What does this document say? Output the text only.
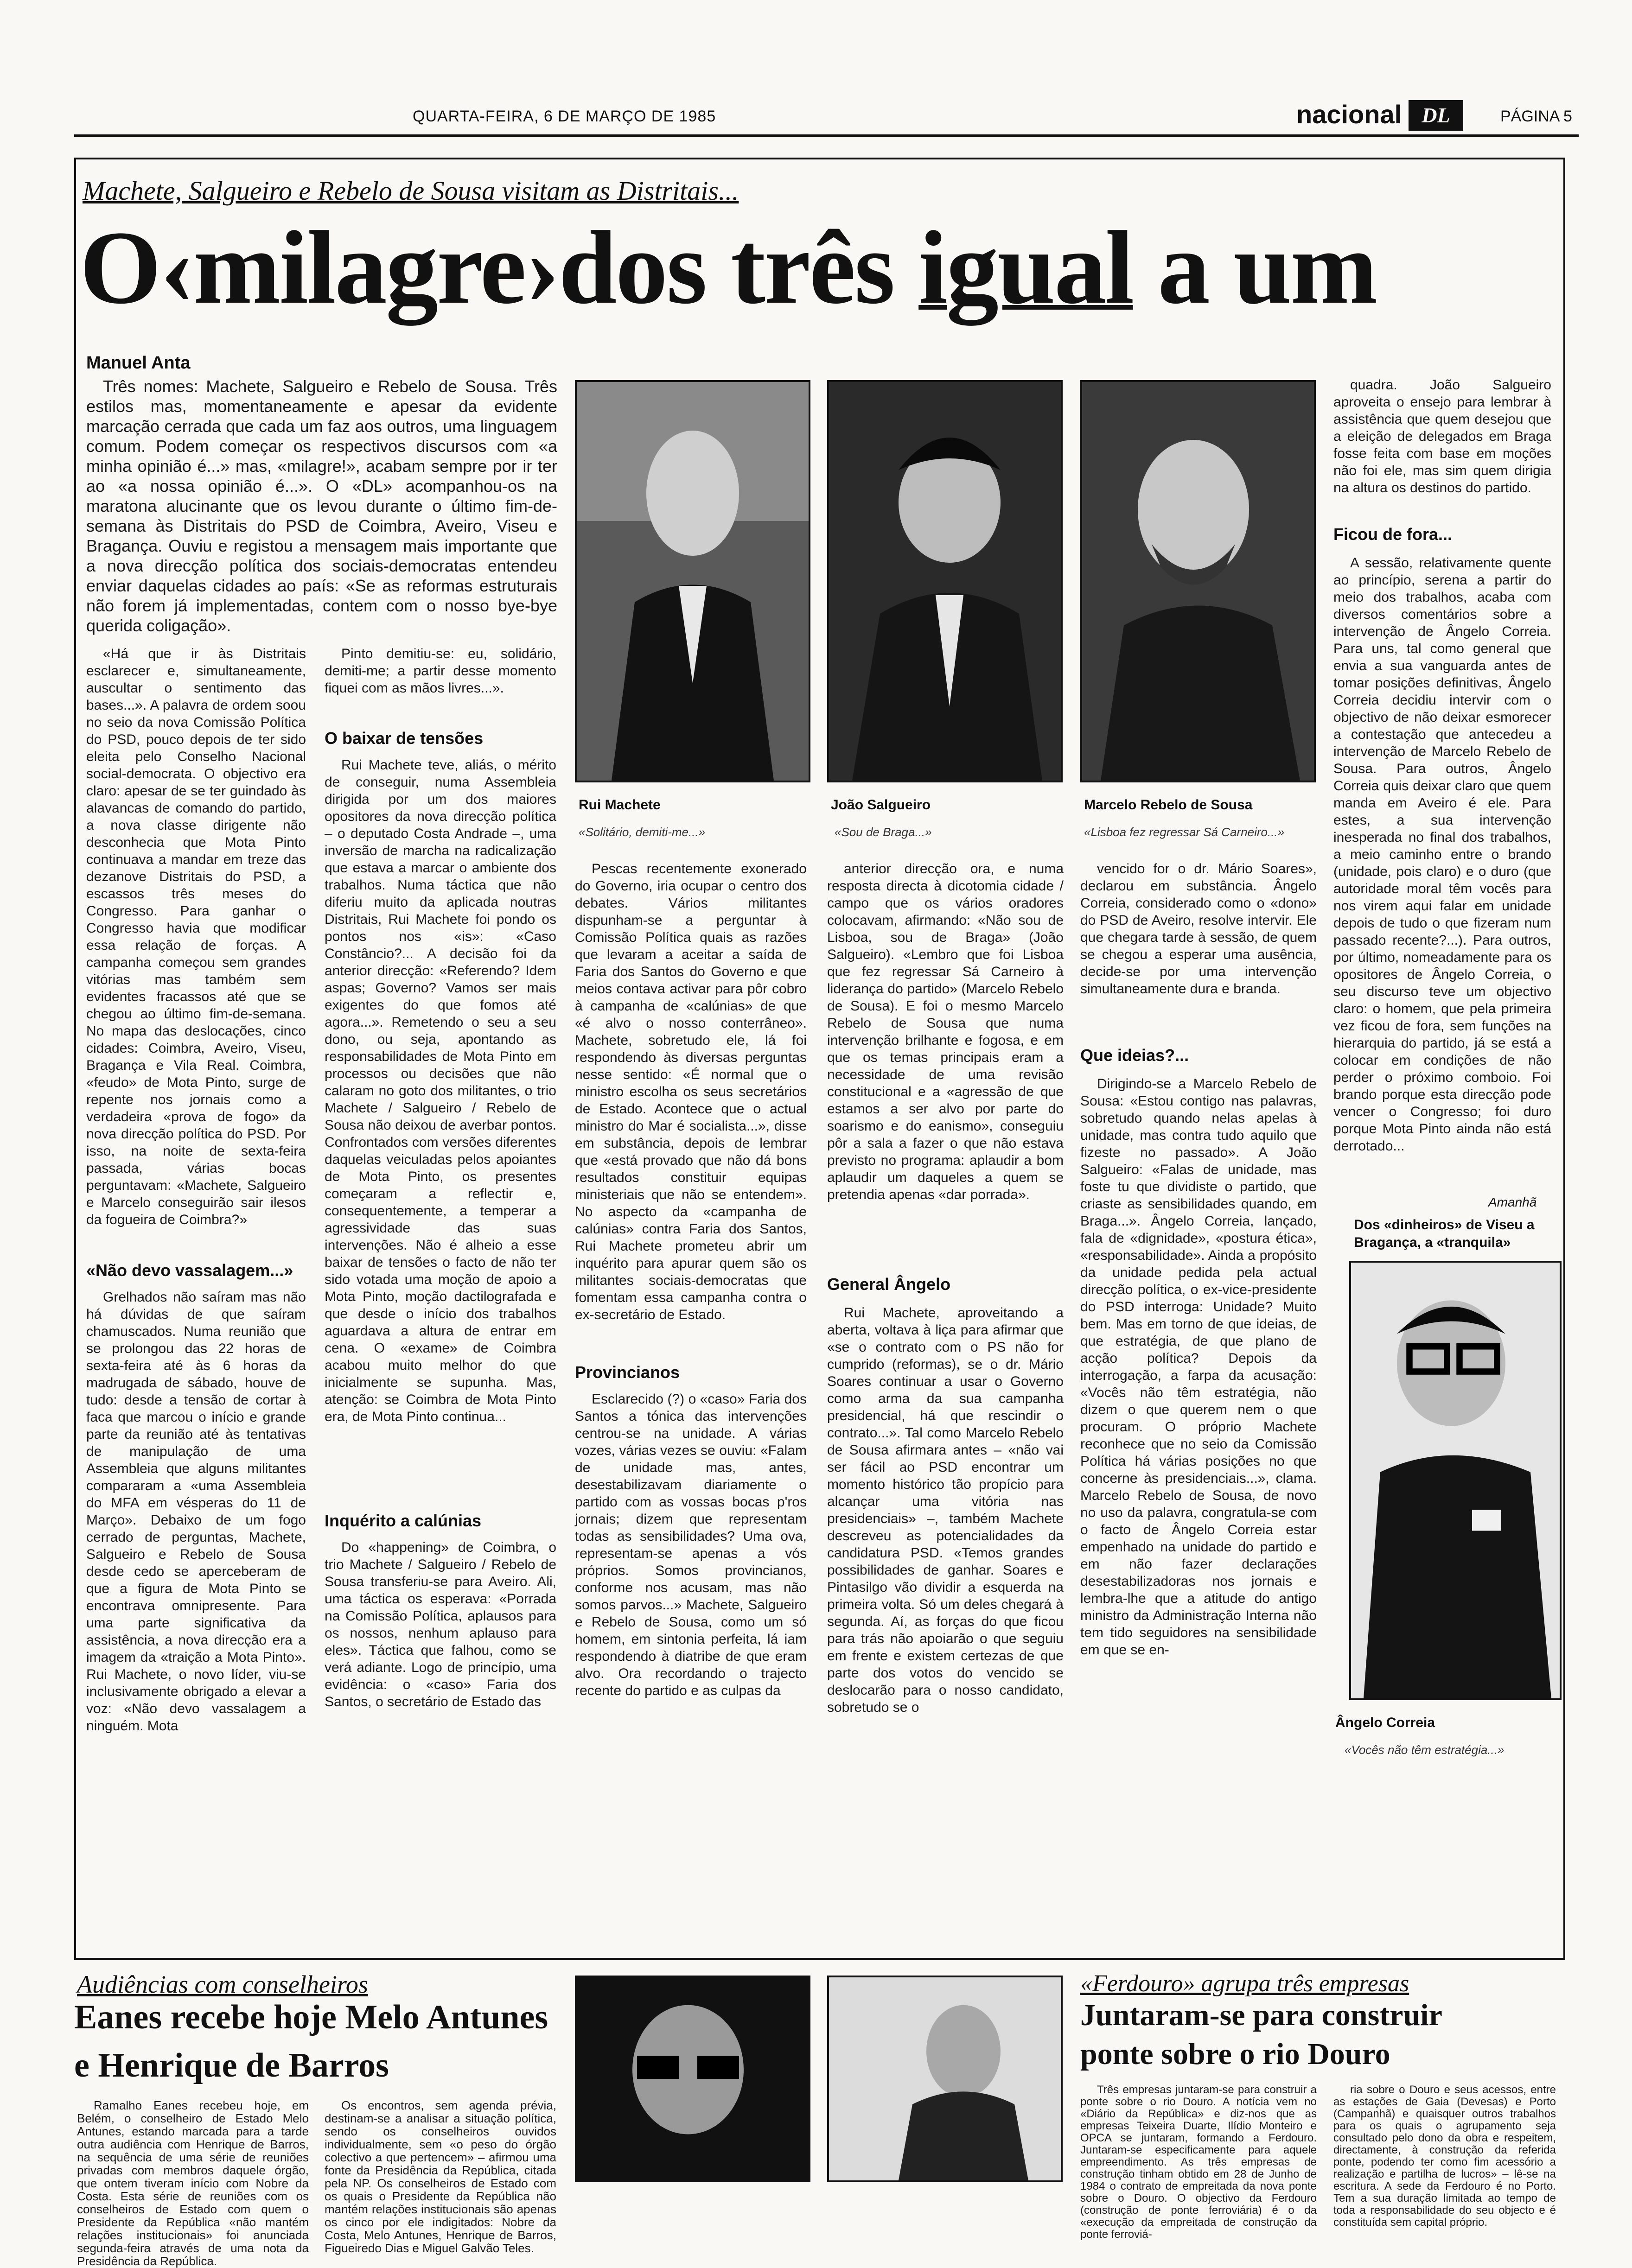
QUARTA-FEIRA, 6 DE MARÇO DE 1985	nacional DL	PÁGINA 5
Machete, Salgueiro e Rebelo de Sousa visitam as Distritais...
O‹milagre›dos três igual a um
Manuel Anta

Três nomes: Machete, Salgueiro e Rebelo de Sousa. Três estilos mas, momentaneamente e apesar da evidente marcação cerrada que cada um faz aos outros, uma linguagem comum. Podem começar os respectivos discursos com «a minha opinião é...» mas, «milagre!», acabam sempre por ir ter ao «a nossa opinião é...». O «DL» acompanhou-os na maratona alucinante que os levou durante o último fim-de-semana às Distritais do PSD de Coimbra, Aveiro, Viseu e Bragança. Ouviu e registou a mensagem mais importante que a nova direcção política dos sociais-democratas entendeu enviar daquelas cidades ao país: «Se as reformas estruturais não forem já implementadas, contem com o nosso bye-bye querida coligação».

«Há que ir às Distritais esclarecer e, simultaneamente, auscultar o sentimento das bases...». A palavra de ordem soou no seio da nova Comissão Política do PSD, pouco depois de ter sido eleita pelo Conselho Nacional social-democrata. O objectivo era claro: apesar de se ter guindado às alavancas de comando do partido, a nova classe dirigente não desconhecia que Mota Pinto continuava a mandar em treze das dezanove Distritais do PSD, a escassos três meses do Congresso. Para ganhar o Congresso havia que modificar essa relação de forças. A campanha começou sem grandes vitórias mas também sem evidentes fracassos até que se chegou ao último fim-de-semana. No mapa das deslocações, cinco cidades: Coimbra, Aveiro, Viseu, Bragança e Vila Real. Coimbra, «feudo» de Mota Pinto, surge de repente nos jornais como a verdadeira «prova de fogo» da nova direcção política do PSD. Por isso, na noite de sexta-feira passada, várias bocas perguntavam: «Machete, Salgueiro e Marcelo conseguirão sair ilesos da fogueira de Coimbra?»

«Não devo vassalagem...»

Grelhados não saíram mas não há dúvidas de que saíram chamuscados. Numa reunião que se prolongou das 22 horas de sexta-feira até às 6 horas da madrugada de sábado, houve de tudo: desde a tensão de cortar à faca que marcou o início e grande parte da reunião até às tentativas de manipulação de uma Assembleia que alguns militantes compararam a «uma Assembleia do MFA em vésperas do 11 de Março». Debaixo de um fogo cerrado de perguntas, Machete, Salgueiro e Rebelo de Sousa desde cedo se aperceberam de que a figura de Mota Pinto se encontrava omnipresente. Para uma parte significativa da assistência, a nova direcção era a imagem da «traição a Mota Pinto». Rui Machete, o novo líder, viu-se inclusivamente obrigado a elevar a voz: «Não devo vassalagem a ninguém. Mota

Pinto demitiu-se: eu, solidário, demiti-me; a partir desse momento fiquei com as mãos livres...».

O baixar de tensões

Rui Machete teve, aliás, o mérito de conseguir, numa Assembleia dirigida por um dos maiores opositores da nova direcção política – o deputado Costa Andrade –, uma inversão de marcha na radicalização que estava a marcar o ambiente dos trabalhos. Numa táctica que não diferiu muito da aplicada noutras Distritais, Rui Machete foi pondo os pontos nos «is»: «Caso Constâncio?... A decisão foi da anterior direcção: «Referendo? Idem aspas; Governo? Vamos ser mais exigentes do que fomos até agora...». Remetendo o seu a seu dono, ou seja, apontando as responsabilidades de Mota Pinto em processos ou decisões que não calaram no goto dos militantes, o trio Machete / Salgueiro / Rebelo de Sousa não deixou de averbar pontos. Confrontados com versões diferentes daquelas veiculadas pelos apoiantes de Mota Pinto, os presentes começaram a reflectir e, consequentemente, a temperar a agressividade das suas intervenções. Não é alheio a esse baixar de tensões o facto de não ter sido votada uma moção de apoio a Mota Pinto, moção dactilografada e que desde o início dos trabalhos aguardava a altura de entrar em cena. O «exame» de Coimbra acabou muito melhor do que inicialmente se supunha. Mas, atenção: se Coimbra de Mota Pinto era, de Mota Pinto continua...

Inquérito a calúnias

Do «happening» de Coimbra, o trio Machete / Salgueiro / Rebelo de Sousa transferiu-se para Aveiro. Ali, uma táctica os esperava: «Porrada na Comissão Política, aplausos para os nossos, nenhum aplauso para eles». Táctica que falhou, como se verá adiante. Logo de princípio, uma evidência: o «caso» Faria dos Santos, o secretário de Estado das

Rui Machete
«Solitário, demiti-me...»
João Salgueiro
«Sou de Braga...»
Marcelo Rebelo de Sousa
«Lisboa fez regressar Sá Carneiro...»

Pescas recentemente exonerado do Governo, iria ocupar o centro dos debates. Vários militantes dispunham-se a perguntar à Comissão Política quais as razões que levaram a aceitar a saída de Faria dos Santos do Governo e que meios contava activar para pôr cobro à campanha de «calúnias» de que «é alvo o nosso conterrâneo». Machete, sobretudo ele, lá foi respondendo às diversas perguntas nesse sentido: «É normal que o ministro escolha os seus secretários de Estado. Acontece que o actual ministro do Mar é socialista...», disse em substância, depois de lembrar que «está provado que não dá bons resultados constituir equipas ministeriais que não se entendem». No aspecto da «campanha de calúnias» contra Faria dos Santos, Rui Machete prometeu abrir um inquérito para apurar quem são os militantes sociais-democratas que fomentam essa campanha contra o ex-secretário de Estado.

Provincianos

Esclarecido (?) o «caso» Faria dos Santos a tónica das intervenções centrou-se na unidade. A várias vozes, várias vezes se ouviu: «Falam de unidade mas, antes, desestabilizavam diariamente o partido com as vossas bocas p'ros jornais; dizem que representam todas as sensibilidades? Uma ova, representam-se apenas a vós próprios. Somos provincianos, conforme nos acusam, mas não somos parvos...» Machete, Salgueiro e Rebelo de Sousa, como um só homem, em sintonia perfeita, lá iam respondendo à diatribe de que eram alvo. Ora recordando o trajecto recente do partido e as culpas da

anterior direcção ora, e numa resposta directa à dicotomia cidade / campo que os vários oradores colocavam, afirmando: «Não sou de Lisboa, sou de Braga» (João Salgueiro). «Lembro que foi Lisboa que fez regressar Sá Carneiro à liderança do partido» (Marcelo Rebelo de Sousa). E foi o mesmo Marcelo Rebelo de Sousa que numa intervenção brilhante e fogosa, e em que os temas principais eram a necessidade de uma revisão constitucional e a «agressão de que estamos a ser alvo por parte do soarismo e do eanismo», conseguiu pôr a sala a fazer o que não estava previsto no programa: aplaudir a bom aplaudir um daqueles a quem se pretendia apenas «dar porrada».

General Ângelo

Rui Machete, aproveitando a aberta, voltava à liça para afirmar que «se o contrato com o PS não for cumprido (reformas), se o dr. Mário Soares continuar a usar o Governo como arma da sua campanha presidencial, há que rescindir o contrato...». Tal como Marcelo Rebelo de Sousa afirmara antes – «não vai ser fácil ao PSD encontrar um momento histórico tão propício para alcançar uma vitória nas presidenciais» –, também Machete descreveu as potencialidades da candidatura PSD. «Temos grandes possibilidades de ganhar. Soares e Pintasilgo vão dividir a esquerda na primeira volta. Só um deles chegará à segunda. Aí, as forças do que ficou para trás não apoiarão o que seguiu em frente e existem certezas de que parte dos votos do vencido se deslocarão para o nosso candidato, sobretudo se o

vencido for o dr. Mário Soares», declarou em substância. Ângelo Correia, considerado como o «dono» do PSD de Aveiro, resolve intervir. Ele que chegara tarde à sessão, de quem se chegou a esperar uma ausência, decide-se por uma intervenção simultaneamente dura e branda.

Que ideias?...

Dirigindo-se a Marcelo Rebelo de Sousa: «Estou contigo nas palavras, sobretudo quando nelas apelas à unidade, mas contra tudo aquilo que fizeste no passado». A João Salgueiro: «Falas de unidade, mas foste tu que dividiste o partido, que criaste as sensibilidades quando, em Braga...». Ângelo Correia, lançado, fala de «dignidade», «postura ética», «responsabilidade». Ainda a propósito da unidade pedida pela actual direcção política, o ex-vice-presidente do PSD interroga: Unidade? Muito bem. Mas em torno de que ideias, de que estratégia, de que plano de acção política? Depois da interrogação, a farpa da acusação: «Vocês não têm estratégia, não dizem o que querem nem o que procuram. O próprio Machete reconhece que no seio da Comissão Política há várias posições no que concerne às presidenciais...», clama. Marcelo Rebelo de Sousa, de novo no uso da palavra, congratula-se com o facto de Ângelo Correia estar empenhado na unidade do partido e em não fazer declarações desestabilizadoras nos jornais e lembra-lhe que a atitude do antigo ministro da Administração Interna não tem tido seguidores na sensibilidade em que se en-

quadra. João Salgueiro aproveita o ensejo para lembrar à assistência que quem desejou que a eleição de delegados em Braga fosse feita com base em moções não foi ele, mas sim quem dirigia na altura os destinos do partido.

Ficou de fora...

A sessão, relativamente quente ao princípio, serena a partir do meio dos trabalhos, acaba com diversos comentários sobre a intervenção de Ângelo Correia. Para uns, tal como general que envia a sua vanguarda antes de tomar posições definitivas, Ângelo Correia decidiu intervir com o objectivo de não deixar esmorecer a contestação que antecedeu a intervenção de Marcelo Rebelo de Sousa. Para outros, Ângelo Correia quis deixar claro que quem manda em Aveiro é ele. Para estes, a sua intervenção inesperada no final dos trabalhos, a meio caminho entre o brando (unidade, pois claro) e o duro (que autoridade moral têm vocês para nos virem aqui falar em unidade depois de tudo o que fizeram num passado recente?...). Para outros, por último, nomeadamente para os opositores de Ângelo Correia, o seu discurso teve um objectivo claro: o homem, que pela primeira vez ficou de fora, sem funções na hierarquia do partido, já se está a colocar em condições de não perder o próximo comboio. Foi brando porque esta direcção pode vencer o Congresso; foi duro porque Mota Pinto ainda não está derrotado...

Amanhã
Dos «dinheiros» de Viseu a Bragança, a «tranquila»
Ângelo Correia
«Vocês não têm estratégia...»
Audiências com conselheiros
Eanes recebe hoje Melo Antunes
e Henrique de Barros

Ramalho Eanes recebeu hoje, em Belém, o conselheiro de Estado Melo Antunes, estando marcada para a tarde outra audiência com Henrique de Barros, na sequência de uma série de reuniões privadas com membros daquele órgão, que ontem tiveram início com Nobre da Costa. Esta série de reuniões com os conselheiros de Estado com quem o Presidente da República «não mantém relações institucionais» foi anunciada segunda-feira através de uma nota da Presidência da República.

Os encontros, sem agenda prévia, destinam-se a analisar a situação política, sendo os conselheiros ouvidos individualmente, sem «o peso do órgão colectivo a que pertencem» – afirmou uma fonte da Presidência da República, citada pela NP. Os conselheiros de Estado com os quais o Presidente da República não mantém relações institucionais são apenas os cinco por ele indigitados: Nobre da Costa, Melo Antunes, Henrique de Barros, Figueiredo Dias e Miguel Galvão Teles.

«Ferdouro» agrupa três empresas
Juntaram-se para construir
ponte sobre o rio Douro

Três empresas juntaram-se para construir a ponte sobre o rio Douro. A notícia vem no «Diário da República» e diz-nos que as empresas Teixeira Duarte, Ilídio Monteiro e OPCA se juntaram, formando a Ferdouro. Juntaram-se especificamente para aquele empreendimento. As três empresas de construção tinham obtido em 28 de Junho de 1984 o contrato de empreitada da nova ponte sobre o Douro. O objectivo da Ferdouro (construção de ponte ferroviária) é o da «execução da empreitada de construção da ponte ferroviá-

ria sobre o Douro e seus acessos, entre as estações de Gaia (Devesas) e Porto (Campanhã) e quaisquer outros trabalhos para os quais o agrupamento seja consultado pelo dono da obra e respeitem, directamente, à construção da referida ponte, podendo ter como fim acessório a realização e partilha de lucros» – lê-se na escritura. A sede da Ferdouro é no Porto. Tem a sua duração limitada ao tempo de toda a responsabilidade do seu objecto e é constituída sem capital próprio.
